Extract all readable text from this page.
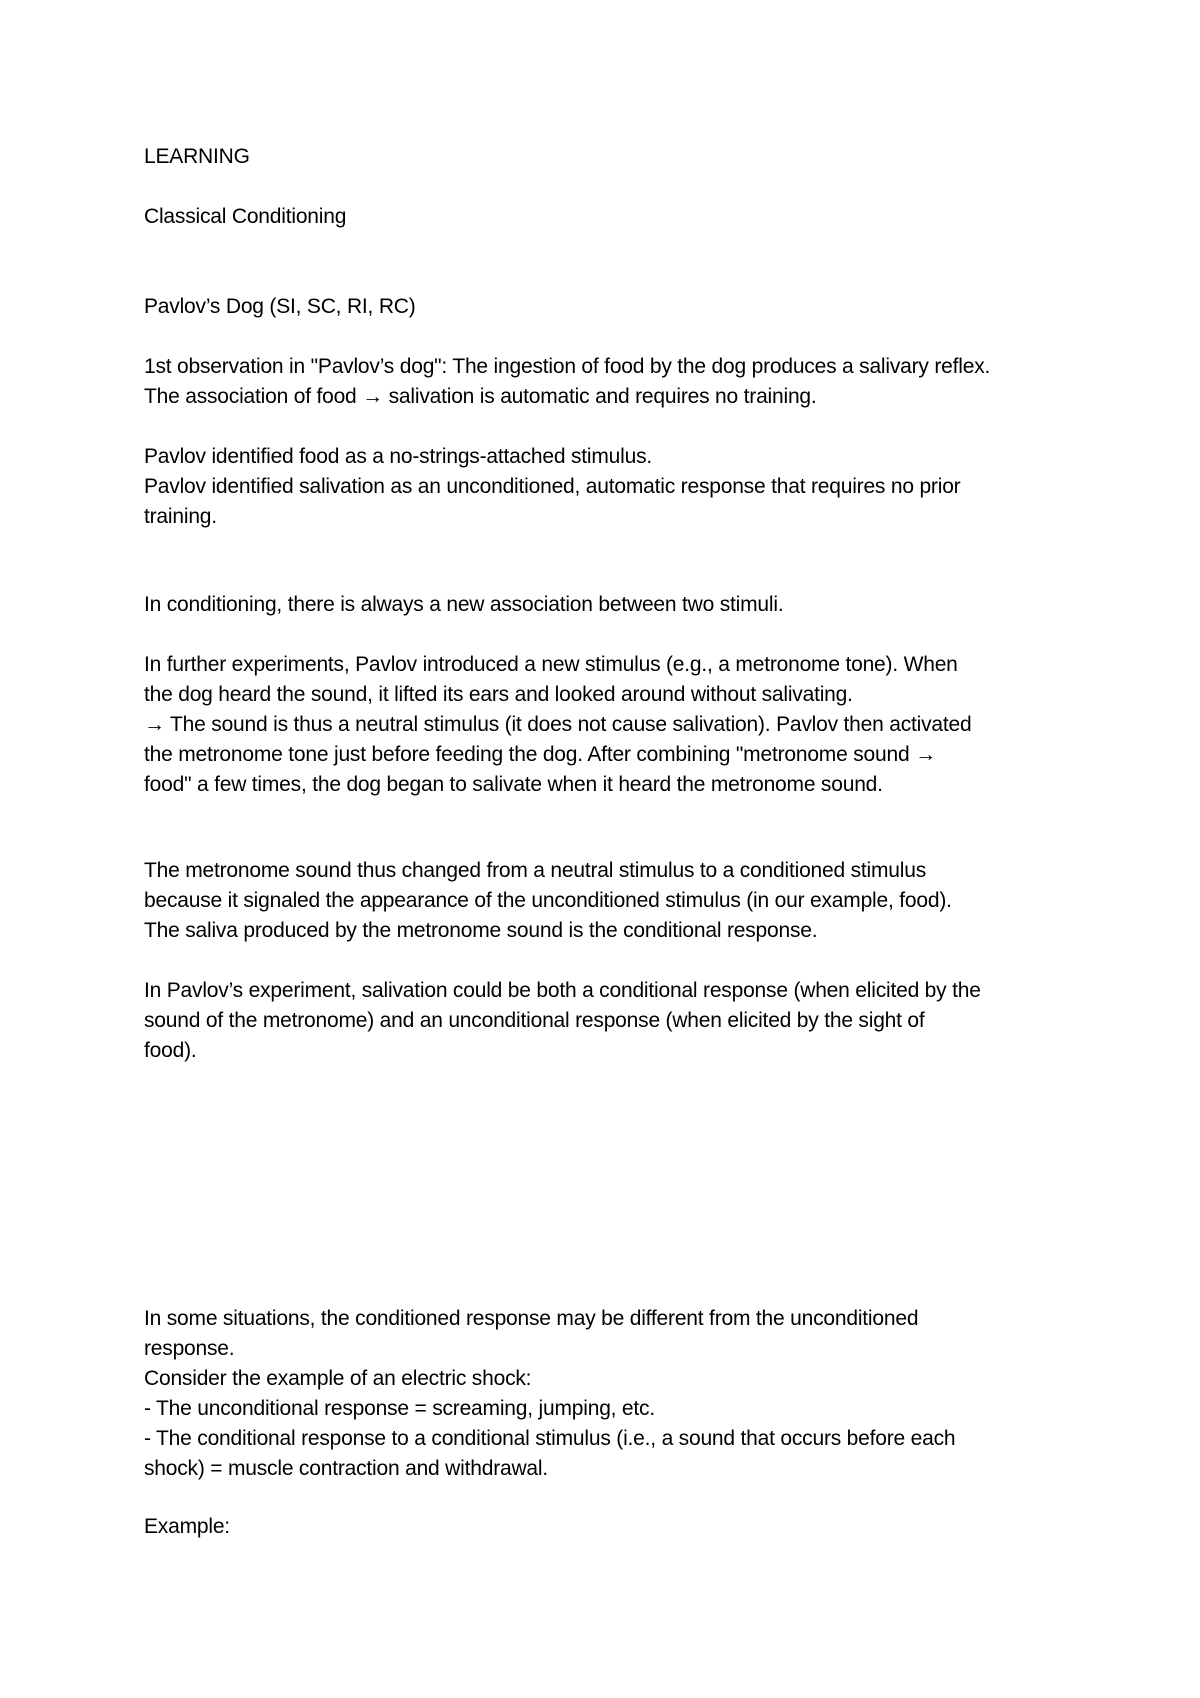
LEARNING
Classical Conditioning
Pavlov’s Dog (SI, SC, RI, RC)
1st observation in "Pavlov’s dog": The ingestion of food by the dog produces a salivary reflex.
The association of food → salivation is automatic and requires no training.
Pavlov identified food as a no-strings-attached stimulus.
Pavlov identified salivation as an unconditioned, automatic response that requires no prior
training.
In conditioning, there is always a new association between two stimuli.
In further experiments, Pavlov introduced a new stimulus (e.g., a metronome tone). When
the dog heard the sound, it lifted its ears and looked around without salivating.
→ The sound is thus a neutral stimulus (it does not cause salivation). Pavlov then activated
the metronome tone just before feeding the dog. After combining "metronome sound →
food" a few times, the dog began to salivate when it heard the metronome sound.
The metronome sound thus changed from a neutral stimulus to a conditioned stimulus
because it signaled the appearance of the unconditioned stimulus (in our example, food).
The saliva produced by the metronome sound is the conditional response.
In Pavlov’s experiment, salivation could be both a conditional response (when elicited by the
sound of the metronome) and an unconditional response (when elicited by the sight of
food).
In some situations, the conditioned response may be different from the unconditioned
response.
Consider the example of an electric shock:
- The unconditional response = screaming, jumping, etc.
- The conditional response to a conditional stimulus (i.e., a sound that occurs before each
shock) = muscle contraction and withdrawal.
Example:
